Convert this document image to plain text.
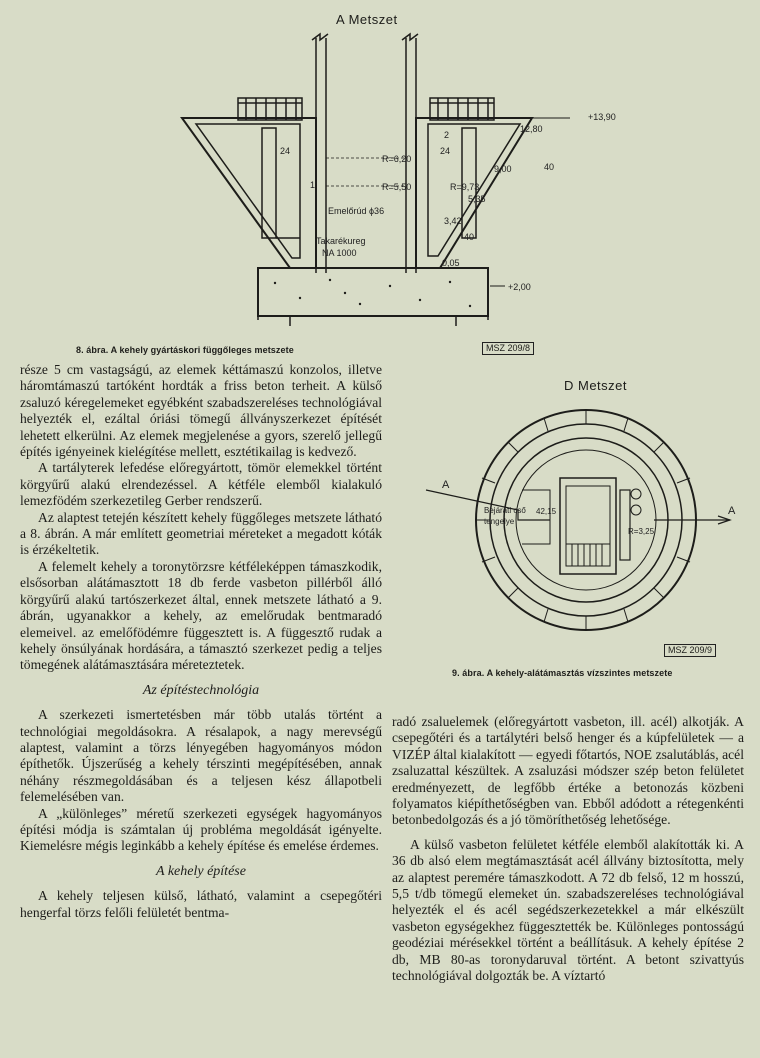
A Metszet
R=6,20
R=5,50	R=9,73
+13,90
12,80
24	24
Emelőrúd ϕ36
Takarékureg
NA 1000
+2,00
0,05
9,00
5,35
3,42
40
40
1
2
8. ábra. A kehely gyártáskori függőleges metszete	MSZ 209/8
D Metszet
A
A
Bejárati cső
tengelye
42,15
R=3,25
MSZ 209/9
9. ábra. A kehely-alátámasztás vízszintes metszete

része 5 cm vastagságú, az elemek kéttámaszú konzolos, illetve háromtámaszú tartóként hordták a friss beton terheit. A külső zsaluzó kéregelemeket egyébként szabadszereléses technológiával helyezték el, ezáltal óriási tömegű állványszerkezet építését lehetett elkerülni. Az elemek megjelenése a gyors, szerelő jellegű építés igényeinek kielégítése mellett, esztétikailag is kedvező.

A tartályterek lefedése előregyártott, tömör elemekkel történt körgyűrű alakú elrendezéssel. A kétféle elemből kialakuló lemezfödém szerkezetileg Gerber rendszerű.

Az alaptest tetején készített kehely függőleges metszete látható a 8. ábrán. A már említett geometriai méreteket a megadott kóták is érzékeltetik.

A felemelt kehely a toronytörzsre kétféleképpen támaszkodik, elsősorban alátámasztott 18 db ferde vasbeton pillérből álló körgyűrű alakú tartószerkezet által, ennek metszete látható a 9. ábrán, ugyanakkor a kehely, az emelőrudak bentmaradó elemeivel. az emelőfödémre függesztett is. A függesztő rudak a kehely önsúlyának hordására, a támasztó szerkezet pedig a teljes tömegének alátámasztására méreteztetek.

Az építéstechnológia

A szerkezeti ismertetésben már több utalás történt a technológiai megoldásokra. A résalapok, a nagy merevségű alaptest, valamint a törzs lényegében hagyományos módon építhetők. Újszerűség a kehely térszinti megépítésében, annak néhány részmegoldásában és a teljesen kész állapotbeli felemelésében van.

A „különleges” méretű szerkezeti egységek hagyományos építési módja is számtalan új probléma megoldását igényelte. Kiemelésre mégis leginkább a kehely építése és emelése érdemes.

A kehely építése

A kehely teljesen külső, látható, valamint a csepegőtéri hengerfal törzs felőli felületét bentma-

radó zsaluelemek (előregyártott vasbeton, ill. acél) alkotják. A csepegőtéri és a tartálytéri belső henger és a kúpfelületek — a VIZÉP által kialakított — egyedi főtartós, NOE zsalutáblás, acél zsaluzattal készültek. A zsaluzási módszer szép beton felületet eredményezett, de legfőbb értéke a betonozás közbeni folyamatos kiépíthetőségben van. Ebből adódott a rétegenkénti betonbedolgozás és a jó tömöríthetőség lehetősége.

A külső vasbeton felületet kétféle elemből alakították ki. A 36 db alsó elem megtámasztását acél állvány biztosította, mely az alaptest peremére támaszkodott. A 72 db felső, 12 m hosszú, 5,5 t/db tömegű elemeket ún. szabadszereléses technológiával helyezték el és acél segédszerkezetekkel a már elkészült vasbeton egységekhez függesztették be. Különleges pontosságú geodéziai mérésekkel történt a beállításuk. A kehely építése 2 db, MB 80-as toronydaruval történt. A betont szivattyús technológiával dolgozták be. A víztartó
